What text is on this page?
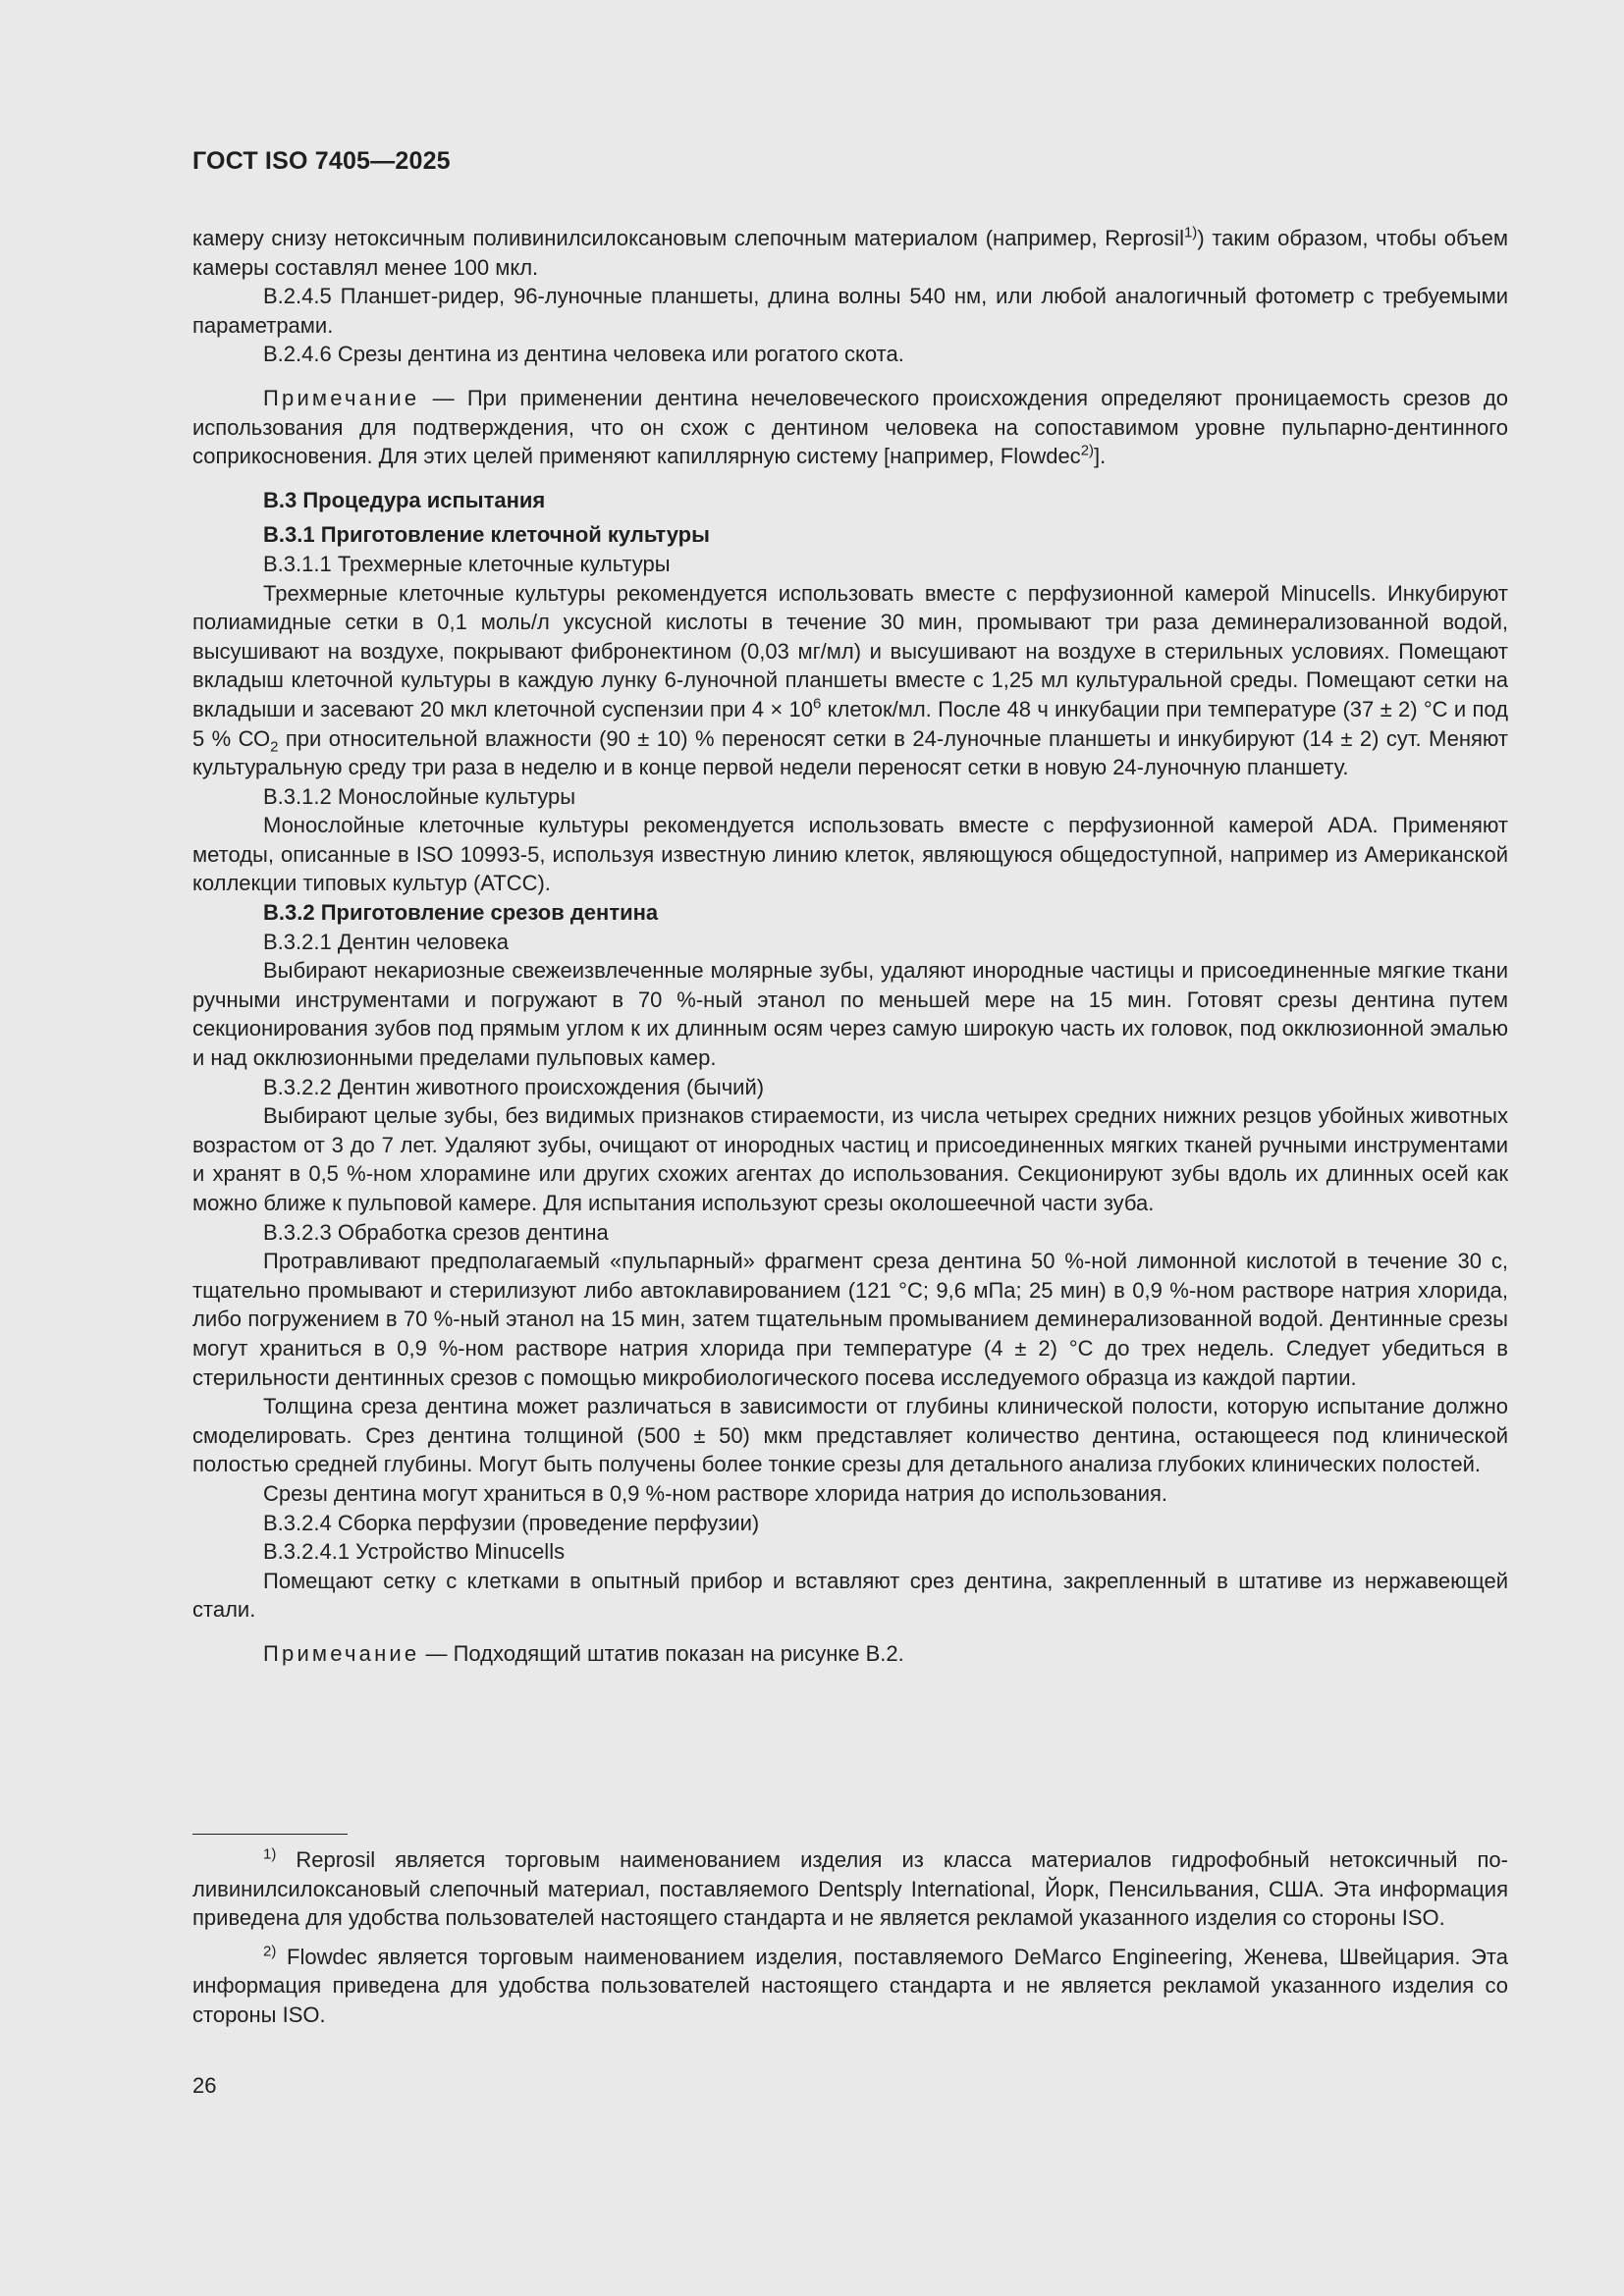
ГОСТ ISO 7405—2025

камеру снизу нетоксичным поливинилсилоксановым слепочным материалом (например, Reprosil$^{1)}$) таким образом, чтобы объем камеры составлял менее 100 мкл.

В.2.4.5 Планшет-ридер, 96-луночные планшеты, длина волны 540 нм, или любой аналогичный фотометр с требуемыми параметрами.

В.2.4.6 Срезы дентина из дентина человека или рогатого скота.

Примечание — При применении дентина нечеловеческого происхождения определяют проницаемость срезов до использования для подтверждения, что он схож с дентином человека на сопоставимом уровне пульпарно-дентинного соприкосновения. Для этих целей применяют капиллярную систему [например, Flowdec$^{2)}$].

В.3 Процедура испытания

В.3.1 Приготовление клеточной культуры

В.3.1.1 Трехмерные клеточные культуры

Трехмерные клеточные культуры рекомендуется использовать вместе с перфузионной камерой Minucells. Инкубируют полиамидные сетки в 0,1 моль/л уксусной кислоты в течение 30 мин, промывают три раза деминерализованной водой, высушивают на воздухе, покрывают фибронектином (0,03 мг/мл) и высушивают на воздухе в стерильных условиях. Помещают вкладыш клеточной культуры в каждую лунку 6-луночной планшеты вместе с 1,25 мл культуральной среды. Помещают сетки на вкладыши и засевают 20 мкл клеточной суспензии при $4 \times 10^6$ клеток/мл. После 48 ч инкубации при температуре (37 ± 2) °С и под 5 % $СО_2$ при относительной влажности (90 ± 10) % переносят сетки в 24-луночные планшеты и инкубируют (14 ± 2) сут. Меняют культуральную среду три раза в неделю и в конце первой недели переносят сетки в новую 24-луночную планшету.

В.3.1.2 Монослойные культуры

Монослойные клеточные культуры рекомендуется использовать вместе с перфузионной камерой ADA. Применяют методы, описанные в ISO 10993-5, используя известную линию клеток, являющуюся общедоступной, например из Американской коллекции типовых культур (АТСС).

В.3.2 Приготовление срезов дентина

В.3.2.1 Дентин человека

Выбирают некариозные свежеизвлеченные молярные зубы, удаляют инородные частицы и присоединенные мягкие ткани ручными инструментами и погружают в 70 %-ный этанол по меньшей мере на 15 мин. Готовят срезы дентина путем секционирования зубов под прямым углом к их длинным осям через самую широкую часть их головок, под окклюзионной эмалью и над окклюзионными пределами пульповых камер.

В.3.2.2 Дентин животного происхождения (бычий)

Выбирают целые зубы, без видимых признаков стираемости, из числа четырех средних нижних резцов убойных животных возрастом от 3 до 7 лет. Удаляют зубы, очищают от инородных частиц и присоединенных мягких тканей ручными инструментами и хранят в 0,5 %-ном хлорамине или других схожих агентах до использования. Секционируют зубы вдоль их длинных осей как можно ближе к пульповой камере. Для испытания используют срезы околошеечной части зуба.

В.3.2.3 Обработка срезов дентина

Протравливают предполагаемый «пульпарный» фрагмент среза дентина 50 %-ной лимонной кислотой в течение 30 с, тщательно промывают и стерилизуют либо автоклавированием (121 °С; 9,6 мПа; 25 мин) в 0,9 %-ном растворе натрия хлорида, либо погружением в 70 %-ный этанол на 15 мин, затем тщательным промыванием деминерализованной водой. Дентинные срезы могут храниться в 0,9 %-ном растворе натрия хлорида при температуре (4 ± 2) °С до трех недель. Следует убедиться в стерильности дентинных срезов с помощью микробиологического посева исследуемого образца из каждой партии.

Толщина среза дентина может различаться в зависимости от глубины клинической полости, которую испытание должно смоделировать. Срез дентина толщиной (500 ± 50) мкм представляет количество дентина, остающееся под клинической полостью средней глубины. Могут быть получены более тонкие срезы для детального анализа глубоких клинических полостей.

Срезы дентина могут храниться в 0,9 %-ном растворе хлорида натрия до использования.

В.3.2.4 Сборка перфузии (проведение перфузии)

В.3.2.4.1 Устройство Minucells

Помещают сетку с клетками в опытный прибор и вставляют срез дентина, закрепленный в штативе из нержавеющей стали.

Примечание — Подходящий штатив показан на рисунке В.2.

$^{1)}$ Reprosil является торговым наименованием изделия из класса материалов гидрофобный нетоксичный поливинилсилоксановый слепочный материал, поставляемого Dentsply International, Йорк, Пенсильвания, США. Эта информация приведена для удобства пользователей настоящего стандарта и не является рекламой указанного изделия со стороны ISO.

$^{2)}$ Flowdec является торговым наименованием изделия, поставляемого DeMarco Engineering, Женева, Швейцария. Эта информация приведена для удобства пользователей настоящего стандарта и не является рекламой указанного изделия со стороны ISO.

26
